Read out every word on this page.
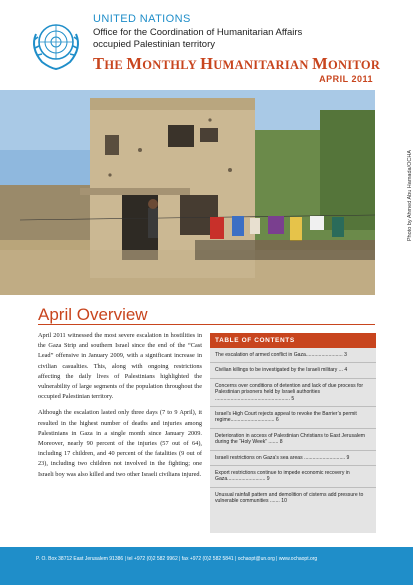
UNITED NATIONS
Office for the Coordination of Humanitarian Affairs
occupied Palestinian territory
THE MONTHLY HUMANITARIAN MONITOR
APRIL 2011
Photo by Ahmed Abu Hamada/OCHA
April Overview

April 2011 witnessed the most severe escalation in hostilities in the Gaza Strip and southern Israel since the end of the “Cast Lead” offensive in January 2009, with a significant increase in civilian casualties. This, along with ongoing restrictions affecting the daily lives of Palestinians highlighted the vulnerability of large segments of the population throughout the occupied Palestinian territory.

Although the escalation lasted only three days (7 to 9 April), it resulted in the highest number of deaths and injuries among Palestinians in Gaza in a single month since January 2009. Moreover, nearly 90 percent of the injuries (57 out of 64), including 17 children, and 40 percent of the fatalities (9 out of 23), including two children not involved in the fighting; one Israeli boy was also killed and two other Israeli civilians injured.

TABLE OF CONTENTS
The escalation of armed conflict in Gaza.......................... 3
Civilian killings to be investigated by the Israeli military ... 4
Concerns over conditions of detention and lack of due process for Palestinian prisoners held by Israeli authorities ..................................................... 5
Israel’s High Court rejects appeal to revoke the Barrier’s permit regime............................... 6
Deterioration in access of Palestinian Christians to East Jerusalem during the “Holy Week” ....... 8
Israeli restrictions on Gaza’s sea areas ............................. 9
Export restrictions continue to impede economic recovery in Gaza........................... 9
Unusual rainfall pattern and demolition of cisterns add pressure to vulnerable communities ....... 10
P. O. Box 38712 East Jerusalem 91386 | tel +972 (0)2 582 9962 | fax +972 (0)2 582 5841 | ochaopt@un.org | www.ochaopt.org
